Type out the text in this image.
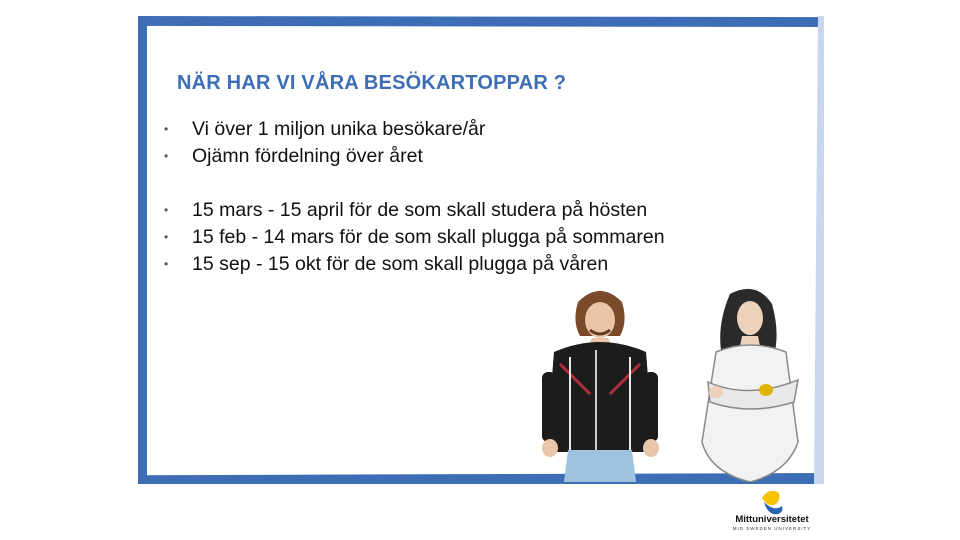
NÄR HAR VI VÅRA BESÖKARTOPPAR ?
• Vi över 1 miljon unika besökare/år
• Ojämn fördelning över året
• 15 mars - 15 april för de som skall studera på hösten
• 15 feb - 14 mars för de som skall plugga på sommaren
• 15 sep - 15 okt för de som skall plugga på våren
Mittuniversitetet
MID SWEDEN UNIVERSITY
